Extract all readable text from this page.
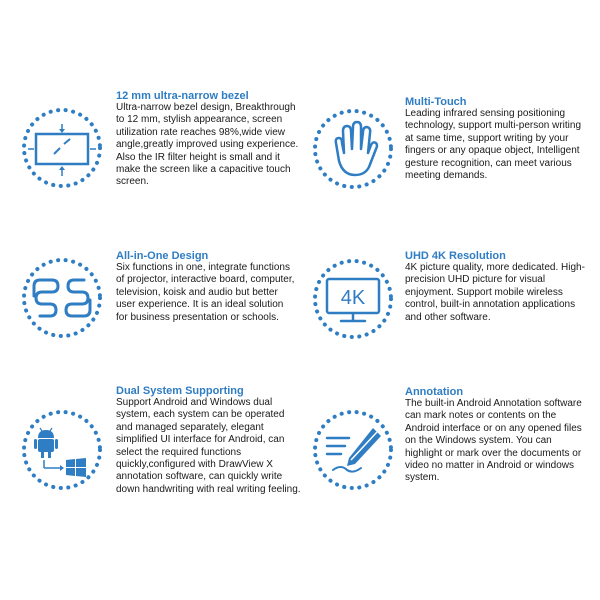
12 mm ultra-narrow bezel

Ultra-narrow bezel design, Breakthrough to 12 mm, stylish appearance, screen utilization rate reaches 98%,wide view angle,greatly improved using experience. Also the IR filter height is small and it make the screen like a capacitive touch screen.

Multi-Touch

Leading infrared sensing positioning technology, support multi-person writing at same time, support writing by your fingers or any opaque object, Intelligent gesture recognition, can meet various meeting demands.

All-in-One Design

Six functions in one, integrate functions of projector, interactive board, computer, television, koisk and audio but better user experience. It is an ideal solution for business presentation or schools.

4K

UHD 4K Resolution

4K picture quality, more dedicated. High-precision UHD picture for visual enjoyment. Support mobile wireless control, built-in annotation applications and other software.

Dual System Supporting

Support Android and Windows dual system, each system can be operated and managed separately, elegant simplified UI interface for Android, can select the required functions quickly,configured with DrawView X annotation software, can quickly write down handwriting with real writing feeling.

Annotation

The built-in Android Annotation software can mark notes or contents on the Android interface or on any opened files on the Windows system. You can highlight or mark over the documents or video no matter in Android or windows system.
